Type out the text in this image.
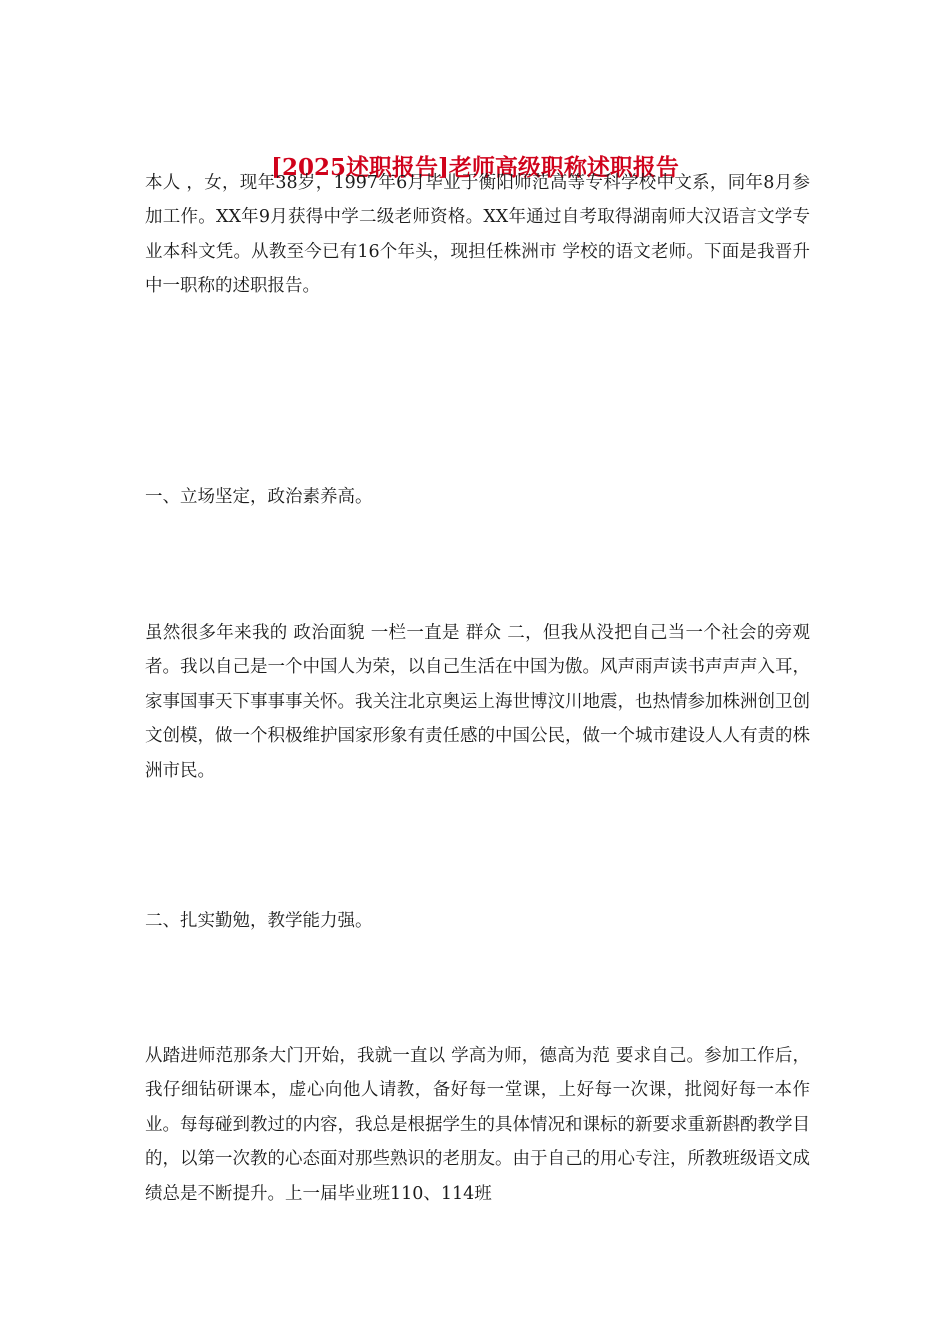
[2025述职报告]老师高级职称述职报告

本人 ，女，现年38岁，1997年6月毕业于衡阳师范高等专科学校中文系，同年8月参加工作。XX年9月获得中学二级老师资格。XX年通过自考取得湖南师大汉语言文学专业本科文凭。从教至今已有16个年头，现担任株洲市 学校的语文老师。下面是我晋升中一职称的述职报告。

一、立场坚定，政治素养高。

虽然很多年来我的 政治面貌 一栏一直是 群众 二，但我从没把自己当一个社会的旁观者。我以自己是一个中国人为荣，以自己生活在中国为傲。风声雨声读书声声声入耳，家事国事天下事事事关怀。我关注北京奥运上海世博汶川地震，也热情参加株洲创卫创文创模，做一个积极维护国家形象有责任感的中国公民，做一个城市建设人人有责的株洲市民。

二、扎实勤勉，教学能力强。

从踏进师范那条大门开始，我就一直以 学高为师，德高为范 要求自己。参加工作后，我仔细钻研课本，虚心向他人请教，备好每一堂课，上好每一次课，批阅好每一本作业。每每碰到教过的内容，我总是根据学生的具体情况和课标的新要求重新斟酌教学目的，以第一次教的心态面对那些熟识的老朋友。由于自己的用心专注，所教班级语文成绩总是不断提升。上一届毕业班110、114班
